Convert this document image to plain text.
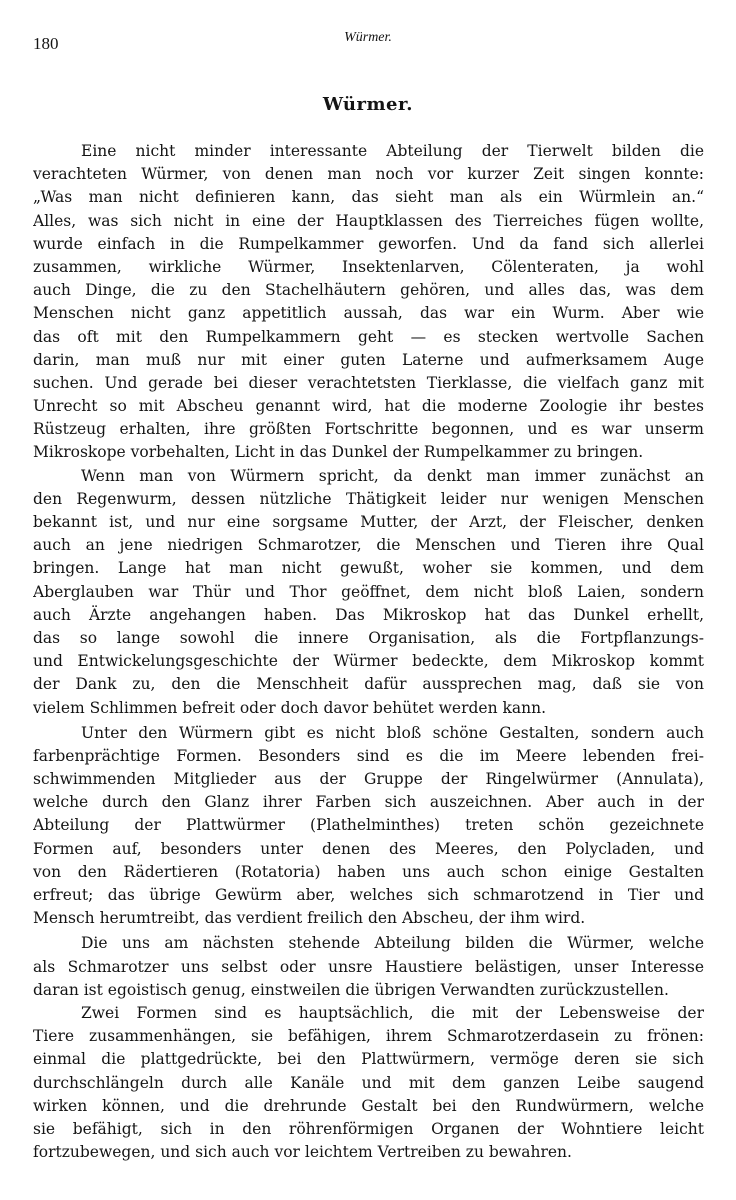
180	Würmer.
Würmer.
Eine nicht minder interessante Abteilung der Tierwelt bilden die
verachteten Würmer, von denen man noch vor kurzer Zeit singen konnte:
„Was man nicht definieren kann, das sieht man als ein Würmlein an.“
Alles, was sich nicht in eine der Hauptklassen des Tierreiches fügen wollte,
wurde einfach in die Rumpelkammer geworfen. Und da fand sich allerlei
zusammen, wirkliche Würmer, Insektenlarven, Cölenteraten, ja wohl
auch Dinge, die zu den Stachelhäutern gehören, und alles das, was dem
Menschen nicht ganz appetitlich aussah, das war ein Wurm. Aber wie
das oft mit den Rumpelkammern geht — es stecken wertvolle Sachen
darin, man muß nur mit einer guten Laterne und aufmerksamem Auge
suchen. Und gerade bei dieser verachtetsten Tierklasse, die vielfach ganz mit
Unrecht so mit Abscheu genannt wird, hat die moderne Zoologie ihr bestes
Rüstzeug erhalten, ihre größten Fortschritte begonnen, und es war unserm
Mikroskope vorbehalten, Licht in das Dunkel der Rumpelkammer zu bringen.
Wenn man von Würmern spricht, da denkt man immer zunächst an
den Regenwurm, dessen nützliche Thätigkeit leider nur wenigen Menschen
bekannt ist, und nur eine sorgsame Mutter, der Arzt, der Fleischer, denken
auch an jene niedrigen Schmarotzer, die Menschen und Tieren ihre Qual
bringen. Lange hat man nicht gewußt, woher sie kommen, und dem
Aberglauben war Thür und Thor geöffnet, dem nicht bloß Laien, sondern
auch Ärzte angehangen haben. Das Mikroskop hat das Dunkel erhellt,
das so lange sowohl die innere Organisation, als die Fortpflanzungs-
und Entwickelungsgeschichte der Würmer bedeckte, dem Mikroskop kommt
der Dank zu, den die Menschheit dafür aussprechen mag, daß sie von
vielem Schlimmen befreit oder doch davor behütet werden kann.
Unter den Würmern gibt es nicht bloß schöne Gestalten, sondern auch
farbenprächtige Formen. Besonders sind es die im Meere lebenden frei-
schwimmenden Mitglieder aus der Gruppe der Ringelwürmer (Annulata),
welche durch den Glanz ihrer Farben sich auszeichnen. Aber auch in der
Abteilung der Plattwürmer (Plathelminthes) treten schön gezeichnete
Formen auf, besonders unter denen des Meeres, den Polycladen, und
von den Rädertieren (Rotatoria) haben uns auch schon einige Gestalten
erfreut; das übrige Gewürm aber, welches sich schmarotzend in Tier und
Mensch herumtreibt, das verdient freilich den Abscheu, der ihm wird.
Die uns am nächsten stehende Abteilung bilden die Würmer, welche
als Schmarotzer uns selbst oder unsre Haustiere belästigen, unser Interesse
daran ist egoistisch genug, einstweilen die übrigen Verwandten zurückzustellen.
Zwei Formen sind es hauptsächlich, die mit der Lebensweise der
Tiere zusammenhängen, sie befähigen, ihrem Schmarotzerdasein zu frönen:
einmal die plattgedrückte, bei den Plattwürmern, vermöge deren sie sich
durchschlängeln durch alle Kanäle und mit dem ganzen Leibe saugend
wirken können, und die drehrunde Gestalt bei den Rundwürmern, welche
sie befähigt, sich in den röhrenförmigen Organen der Wohntiere leicht
fortzubewegen, und sich auch vor leichtem Vertreiben zu bewahren.
